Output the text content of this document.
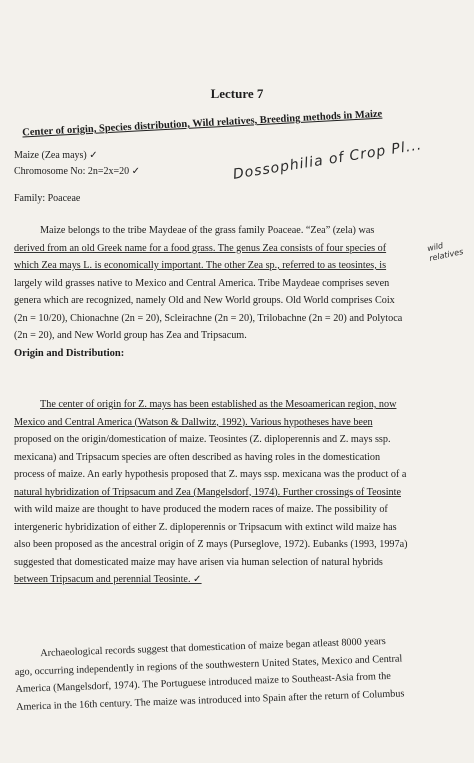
Lecture 7
Center of origin, Species distribution, Wild relatives, Breeding methods in Maize
Maize (Zea mays) ✓
Chromosome No: 2n=2x=20 ✓
Family: Poaceae
Dossophilia of Crop Pl...
wild relatives
Maize belongs to the tribe Maydeae of the grass family Poaceae. “Zea” (zela) was
derived from an old Greek name for a food grass. The genus Zea consists of four species of
which Zea mays L. is economically important. The other Zea sp., referred to as teosintes, is
largely wild grasses native to Mexico and Central America. Tribe Maydeae comprises seven
genera which are recognized, namely Old and New World groups. Old World comprises Coix
(2n = 10/20), Chionachne (2n = 20), Scleirachne (2n = 20), Trilobachne (2n = 20) and Polytoca
(2n = 20), and New World group has Zea and Tripsacum.
Origin and Distribution:
The center of origin for Z. mays has been established as the Mesoamerican region, now
Mexico and Central America (Watson & Dallwitz, 1992). Various hypotheses have been
proposed on the origin/domestication of maize. Teosintes (Z. diploperennis and Z. mays ssp.
mexicana) and Tripsacum species are often described as having roles in the domestication
process of maize. An early hypothesis proposed that Z. mays ssp. mexicana was the product of a
natural hybridization of Tripsacum and Zea (Mangelsdorf, 1974). Further crossings of Teosinte
with wild maize are thought to have produced the modern races of maize. The possibility of
intergeneric hybridization of either Z. diploperennis or Tripsacum with extinct wild maize has
also been proposed as the ancestral origin of Z mays (Purseglove, 1972). Eubanks (1993, 1997a)
suggested that domesticated maize may have arisen via human selection of natural hybrids
between Tripsacum and perennial Teosinte. ✓
Archaeological records suggest that domestication of maize began atleast 8000 years
ago, occurring independently in regions of the southwestern United States, Mexico and Central
America (Mangelsdorf, 1974). The Portuguese introduced maize to Southeast-Asia from the
America in the 16th century. The maize was introduced into Spain after the return of Columbus
